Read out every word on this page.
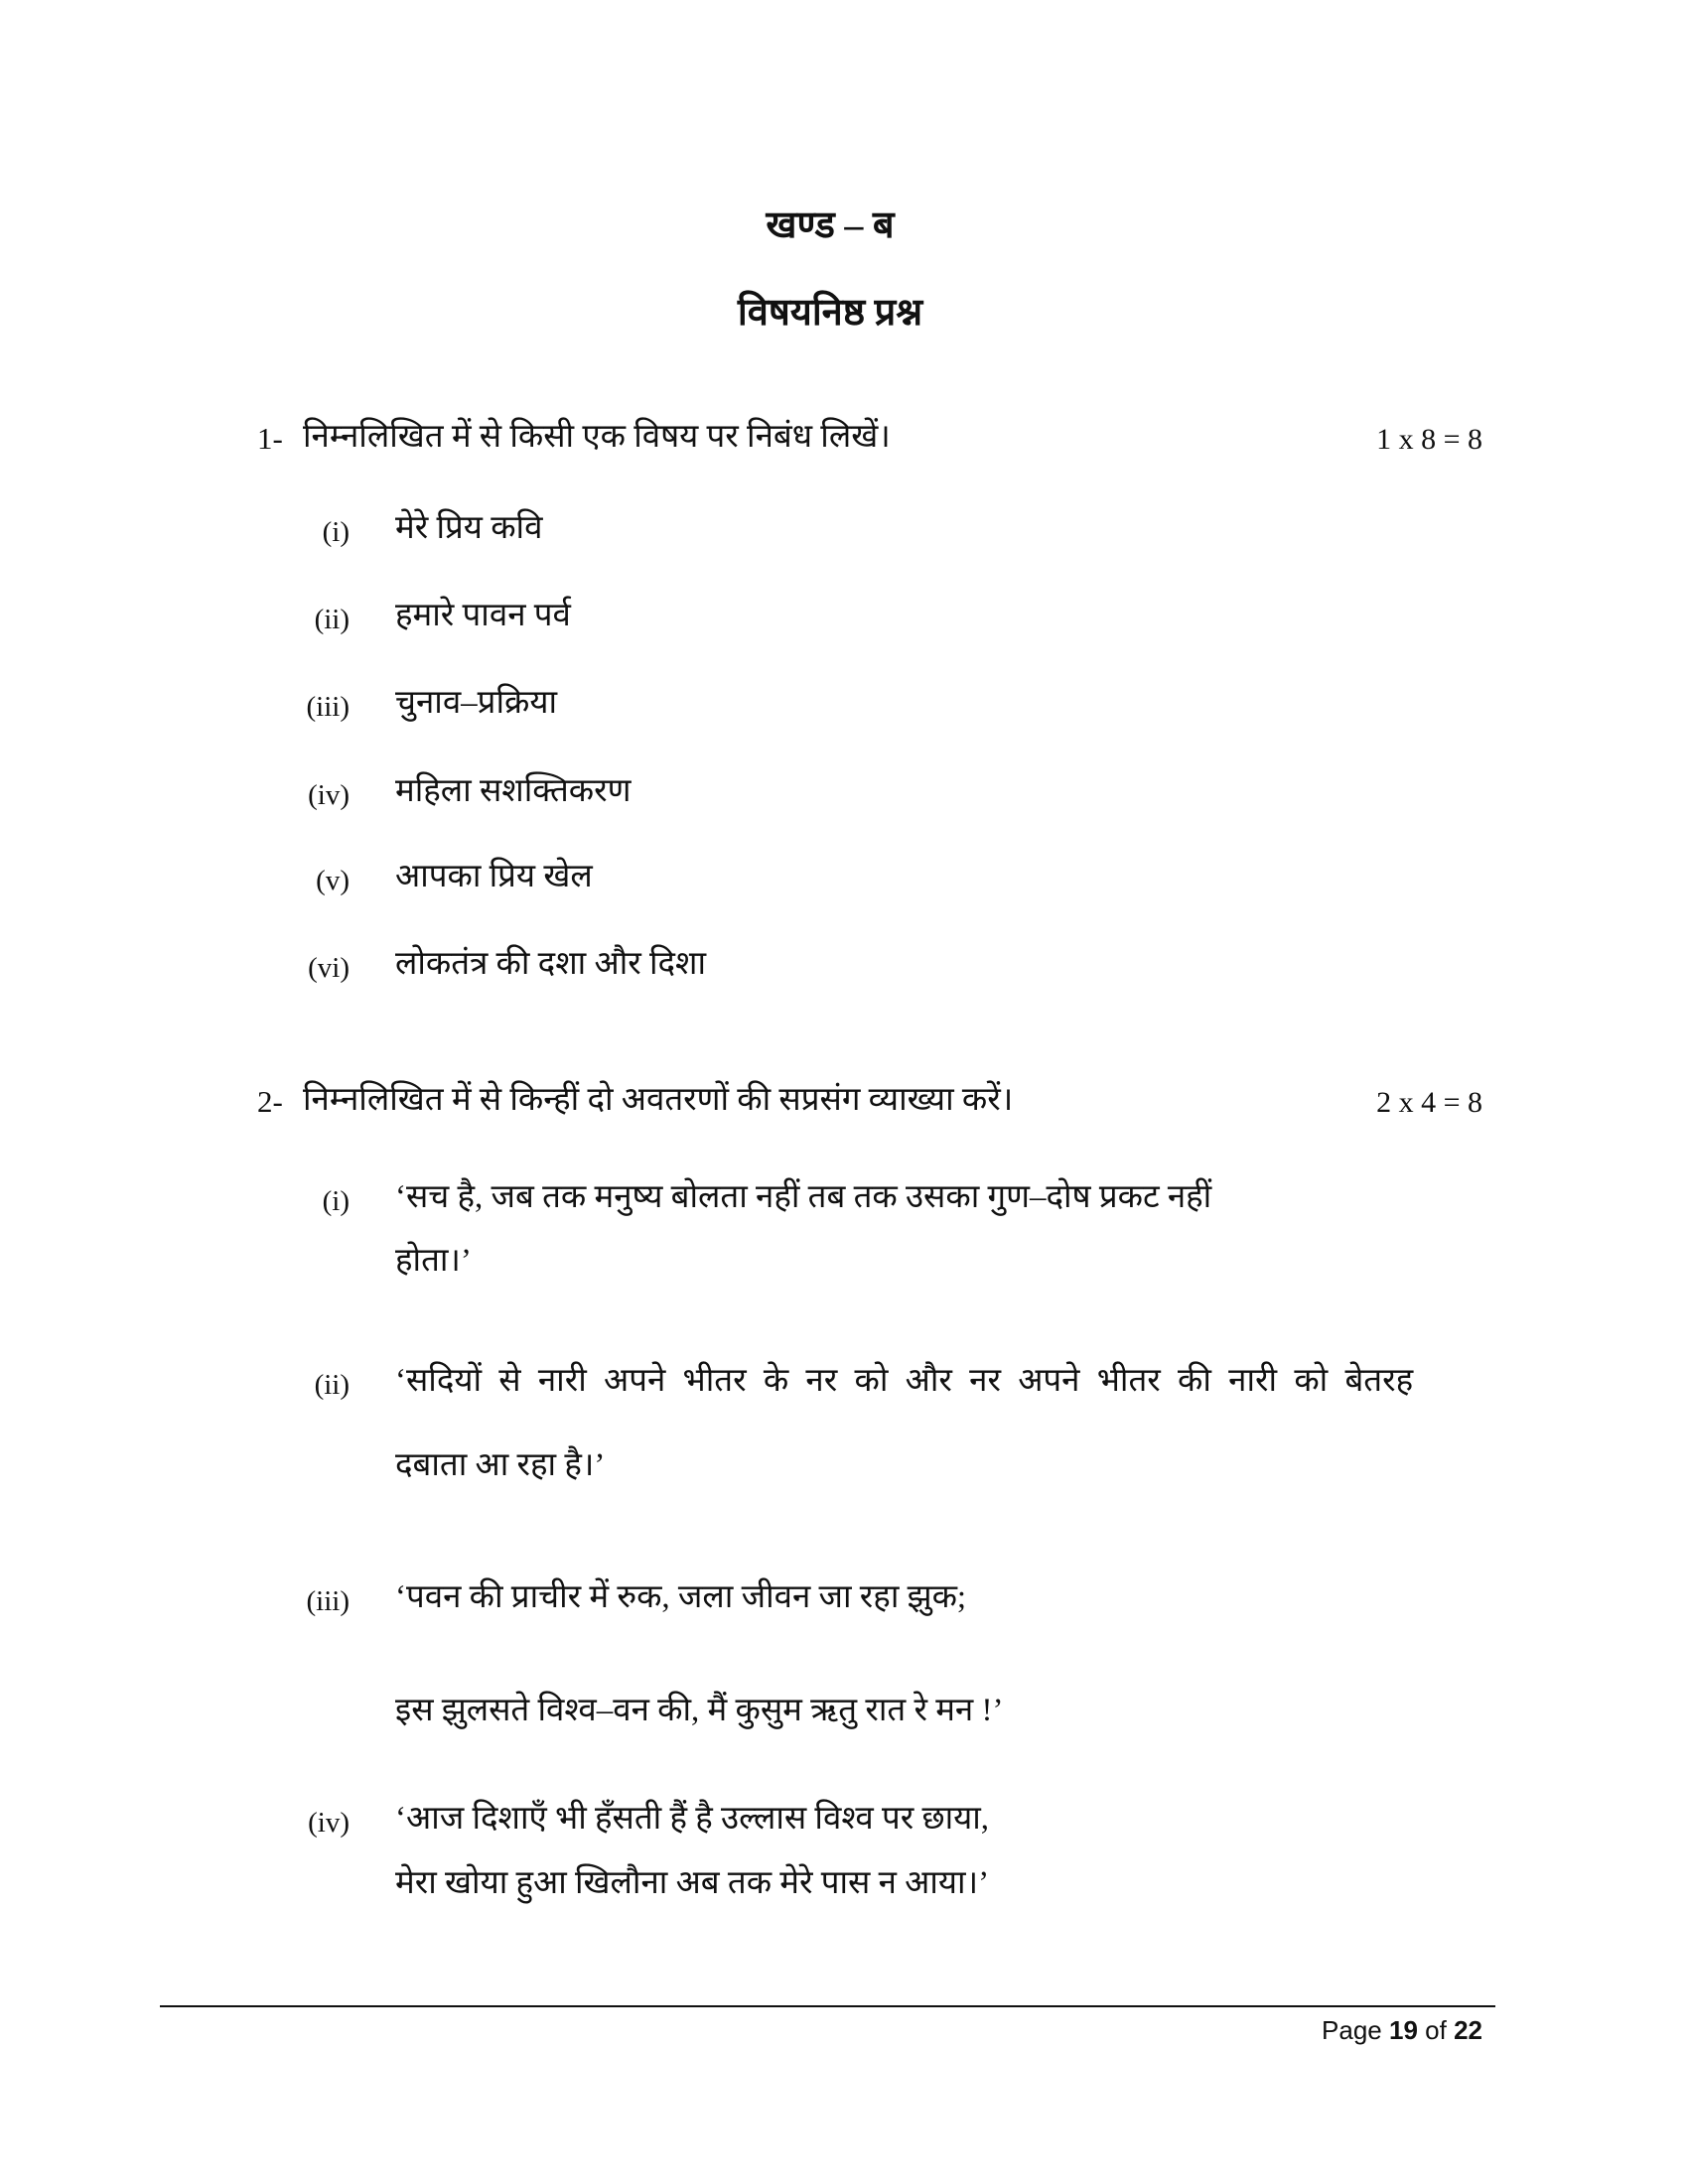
खण्ड – ब
विषयनिष्ठ प्रश्न
1- निम्नलिखित में से किसी एक विषय पर निबंध लिखें।	1 x 8 = 8
(i) मेरे प्रिय कवि
(ii) हमारे पावन पर्व
(iii) चुनाव–प्रक्रिया
(iv) महिला सशक्तिकरण
(v) आपका प्रिय खेल
(vi) लोकतंत्र की दशा और दिशा
2- निम्नलिखित में से किन्हीं दो अवतरणों की सप्रसंग व्याख्या करें।	2 x 4 = 8
(i) ‘सच है, जब तक मनुष्य बोलता नहीं तब तक उसका गुण–दोष प्रकट नहीं
होता।’
(ii) ‘सदियों से नारी अपने भीतर के नर को और नर अपने भीतर की नारी को बेतरह
दबाता आ रहा है।’
(iii) ‘पवन की प्राचीर में रुक, जला जीवन जा रहा झुक;
इस झुलसते विश्व–वन की, मैं कुसुम ऋतु रात रे मन !’
(iv) ‘आज दिशाएँ भी हँसती हैं है उल्लास विश्व पर छाया,
मेरा खोया हुआ खिलौना अब तक मेरे पास न आया।’
Page 19 of 22
